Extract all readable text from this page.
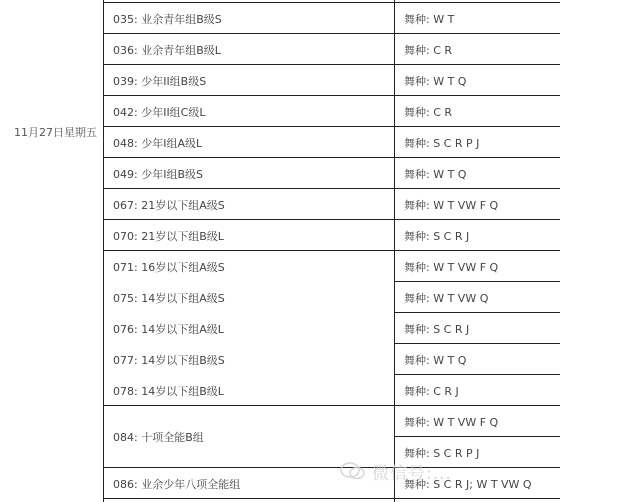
舞种: W T
035: 业余青年组B级S
舞种: C R
036: 业余青年组B级L
舞种: W T Q
039: 少年II组B级S
舞种: C R
042: 少年II组C级L
舞种: S C R P J
048: 少年I组A级L
舞种: W T Q
049: 少年I组B级S
舞种: W T VW F Q
067: 21岁以下组A级S
舞种: S C R J
070: 21岁以下组B级L
舞种: W T VW F Q
071: 16岁以下组A级S
舞种: W T VW Q
075: 14岁以下组A级S
舞种: S C R J
076: 14岁以下组A级L
舞种: W T Q
077: 14岁以下组B级S
舞种: C R J
078: 14岁以下组B级L
舞种: W T VW F Q
舞种: S C R P J
084: 十项全能B组
舞种: S C R J; W T VW Q
086: 业余少年八项全能组
11月27日星期五
微信号:...
